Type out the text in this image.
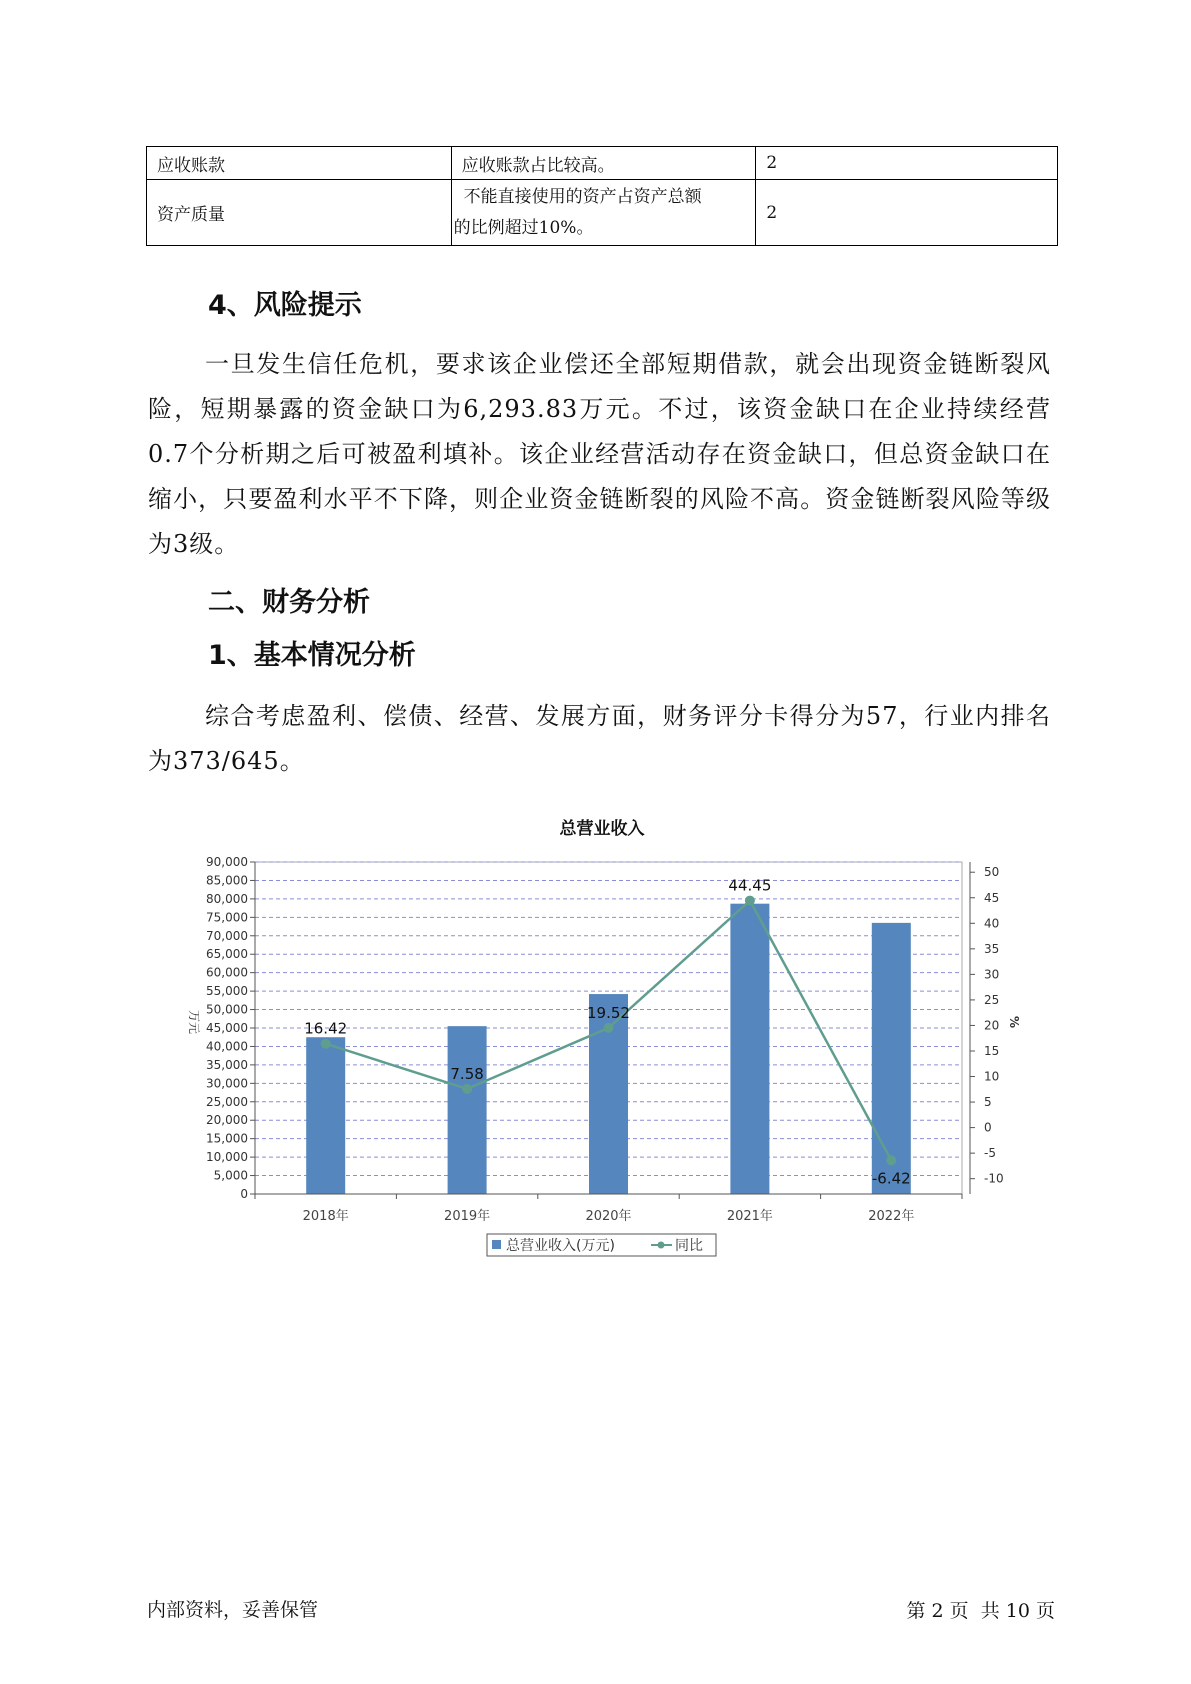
应收账款	应收账款占比较高。	2
资产质量	不能直接使用的资产占资产总额
的比例超过10%。	2
4、风险提示

一旦发生信任危机，要求该企业偿还全部短期借款，就会出现资金链断裂风险，短期暴露的资金缺口为6,293.83万元。不过，该资金缺口在企业持续经营 0.7个分析期之后可被盈利填补。该企业经营活动存在资金缺口，但总资金缺口在缩小，只要盈利水平不下降，则企业资金链断裂的风险不高。资金链断裂风险等级为3级。

二、财务分析
1、基本情况分析

综合考虑盈利、偿债、经营、发展方面，财务评分卡得分为57，行业内排名为373/645。

总营业收入
16.42
7.58
19.52
44.45
-6.42
0
5,000
10,000
15,000
20,000
25,000
30,000
35,000
40,000
45,000
50,000
55,000
60,000
65,000
70,000
75,000
80,000
85,000
90,000
-10
-5
0
5
10
15
20
25
30
35
40
45
50
2018年	2019年	2020年	2021年	2022年
万元	%
总营业收入(万元)	同比
内部资料，妥善保管	第 2 页  共 10 页
